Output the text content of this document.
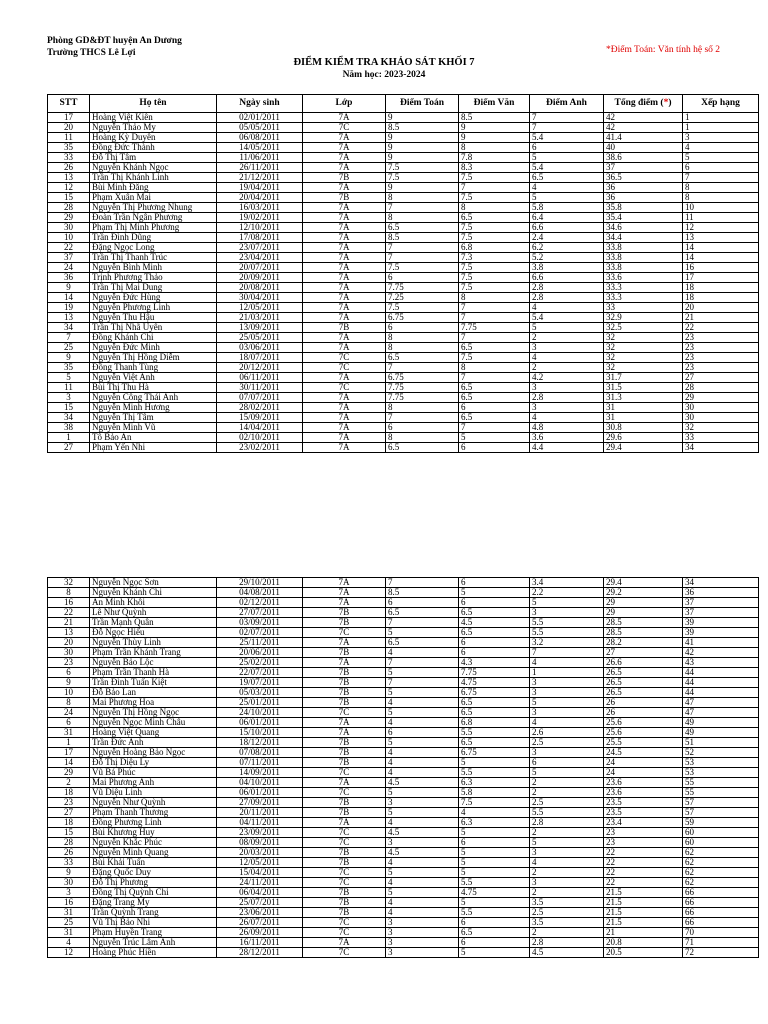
Phòng GD&ĐT huyện An Dương
Trường THCS Lê Lợi	*Điểm Toán: Văn tính hệ số 2
ĐIỂM KIỂM TRA KHẢO SÁT KHỐI 7
Năm học: 2023-2024
STT	Họ tên	Ngày sinh	Lớp	Điểm Toán	Điểm Văn	Điểm Anh	Tổng điểm (*)	Xếp hạng
17	Hoàng Việt Kiên	02/01/2011	7A	9	8.5	7	42	1
20	Nguyễn Thảo My	05/05/2011	7C	8.5	9	7	42	1
11	Hoàng Kỳ Duyên	06/08/2011	7A	9	9	5.4	41.4	3
35	Đồng Đức Thành	14/05/2011	7A	9	8	6	40	4
33	Đỗ Thị Tâm	11/06/2011	7A	9	7.8	5	38.6	5
26	Nguyễn Khánh Ngọc	26/11/2011	7A	7.5	8.3	5.4	37	6
13	Trần Thị Khánh Linh	21/12/2011	7B	7.5	7.5	6.5	36.5	7
12	Bùi Minh Đăng	19/04/2011	7A	9	7	4	36	8
15	Phạm Xuân Mai	20/04/2011	7B	8	7.5	5	36	8
28	Nguyễn Thị Phương Nhung	16/03/2011	7A	7	8	5.8	35.8	10
29	Đoàn Trần Ngân Phương	19/02/2011	7A	8	6.5	6.4	35.4	11
30	Phạm Thị Minh Phương	12/10/2011	7A	6.5	7.5	6.6	34.6	12
10	Trần Đình Dũng	17/08/2011	7A	8.5	7.5	2.4	34.4	13
22	Đặng Ngọc Long	23/07/2011	7A	7	6.8	6.2	33.8	14
37	Trần Thị Thanh Trúc	23/04/2011	7A	7	7.3	5.2	33.8	14
24	Nguyễn Bình Minh	20/07/2011	7A	7.5	7.5	3.8	33.8	16
36	Trịnh Phương Thảo	20/09/2011	7A	6	7.5	6.6	33.6	17
9	Trần Thị Mai Dung	20/08/2011	7A	7.75	7.5	2.8	33.3	18
14	Nguyễn Đức Hùng	30/04/2011	7A	7.25	8	2.8	33.3	18
19	Nguyễn Phương Linh	12/05/2011	7A	7.5	7	4	33	20
13	Nguyễn Thu Hậu	21/03/2011	7A	6.75	7	5.4	32.9	21
34	Trần Thị Nhã Uyên	13/09/2011	7B	6	7.75	5	32.5	22
7	Đồng Khánh Chi	25/05/2011	7A	8	7	2	32	23
25	Nguyễn Đức Minh	03/06/2011	7A	8	6.5	3	32	23
9	Nguyễn Thị Hồng Diễm	18/07/2011	7C	6.5	7.5	4	32	23
35	Đồng Thanh Tùng	20/12/2011	7C	7	8	2	32	23
5	Nguyễn Việt Anh	06/11/2011	7A	6.75	7	4.2	31.7	27
11	Bùi Thị Thu Hà	30/11/2011	7C	7.75	6.5	3	31.5	28
3	Nguyễn Công Thái Anh	07/07/2011	7A	7.75	6.5	2.8	31.3	29
15	Nguyễn Minh Hương	28/02/2011	7A	8	6	3	31	30
34	Nguyễn Thị Tâm	15/09/2011	7A	7	6.5	4	31	30
38	Nguyễn Minh Vũ	14/04/2011	7A	6	7	4.8	30.8	32
1	Tô Bảo An	02/10/2011	7A	8	5	3.6	29.6	33
27	Phạm Yến Nhi	23/02/2011	7A	6.5	6	4.4	29.4	34
32	Nguyễn Ngọc Sơn	29/10/2011	7A	7	6	3.4	29.4	34
8	Nguyễn Khánh Chi	04/08/2011	7A	8.5	5	2.2	29.2	36
16	An Minh Khôi	02/12/2011	7A	6	6	5	29	37
22	Lê Như Quỳnh	27/07/2011	7B	6.5	6.5	3	29	37
21	Trần Mạnh Quân	03/09/2011	7B	7	4.5	5.5	28.5	39
13	Đỗ Ngọc Hiếu	02/07/2011	7C	5	6.5	5.5	28.5	39
20	Nguyễn Thùy Linh	25/11/2011	7A	6.5	6	3.2	28.2	41
30	Phạm Trần Khánh Trang	20/06/2011	7B	4	6	7	27	42
23	Nguyễn Bảo Lộc	25/02/2011	7A	7	4.3	4	26.6	43
6	Phạm Trần Thanh Hà	22/07/2011	7B	5	7.75	1	26.5	44
9	Trần Đình Tuấn Kiệt	19/07/2011	7B	7	4.75	3	26.5	44
10	Đỗ Bảo Lan	05/03/2011	7B	5	6.75	3	26.5	44
8	Mai Phương Hoa	25/01/2011	7B	4	6.5	5	26	47
24	Nguyễn Thị Hồng Ngọc	24/10/2011	7C	5	6.5	3	26	47
6	Nguyễn Ngọc Minh Châu	06/01/2011	7A	4	6.8	4	25.6	49
31	Hoàng Việt Quang	15/10/2011	7A	6	5.5	2.6	25.6	49
1	Trần Đức Anh	18/12/2011	7B	5	6.5	2.5	25.5	51
17	Nguyễn Hoàng Bảo Ngọc	07/08/2011	7B	4	6.75	3	24.5	52
14	Đỗ Thị Diệu Ly	07/11/2011	7B	4	5	6	24	53
29	Vũ Bá Phúc	14/09/2011	7C	4	5.5	5	24	53
2	Mai Phương Anh	04/10/2011	7A	4.5	6.3	2	23.6	55
18	Vũ Diệu Linh	06/01/2011	7C	5	5.8	2	23.6	55
23	Nguyễn Như Quỳnh	27/09/2011	7B	3	7.5	2.5	23.5	57
27	Phạm Thanh Thương	20/11/2011	7B	5	4	5.5	23.5	57
18	Đồng Phương Linh	04/11/2011	7A	4	6.3	2.8	23.4	59
15	Bùi Khương Huy	23/09/2011	7C	4.5	5	2	23	60
28	Nguyễn Khắc Phúc	08/09/2011	7C	3	6	5	23	60
26	Nguyễn Minh Quang	20/03/2011	7B	4.5	5	3	22	62
33	Bùi Khải Tuấn	12/05/2011	7B	4	5	4	22	62
9	Đặng Quốc Duy	15/04/2011	7C	5	5	2	22	62
30	Đỗ Thị Phương	24/11/2011	7C	4	5.5	3	22	62
3	Đồng Thị Quỳnh Chi	06/04/2011	7B	5	4.75	2	21.5	66
16	Đặng Trang My	25/07/2011	7B	4	5	3.5	21.5	66
31	Trần Quỳnh Trang	23/06/2011	7B	4	5.5	2.5	21.5	66
25	Vũ Thị Bảo Nhi	26/07/2011	7C	3	6	3.5	21.5	66
31	Phạm Huyền Trang	26/09/2011	7C	3	6.5	2	21	70
4	Nguyễn Trúc Lâm Anh	16/11/2011	7A	3	6	2.8	20.8	71
12	Hoàng Phúc Hiền	28/12/2011	7C	3	5	4.5	20.5	72
